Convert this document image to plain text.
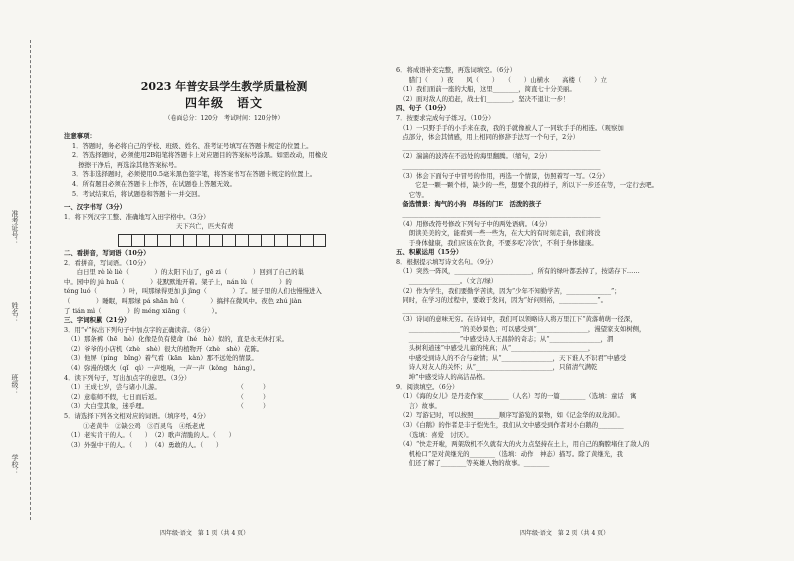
准考证号：
姓名：
班级：
学校：
2023 年普安县学生教学质量检测
四年级　语文
（卷面总分：120分　考试时间：120分钟）
注意事项：
1．答题时，务必将自己的学校、班级、姓名、准考证号填写在答题卡规定的位置上。
2．答选择题时，必须使用2B铅笔将答题卡上对应题目的答案标号涂黑。如需改动，用橡皮
　擦擦干净后，再选涂其他答案标号。
3．答非选择题时，必须使用0.5毫米黑色签字笔，将答案书写在答题卡规定的位置上。
4．所有题目必须在答题卡上作答，在试题卷上答题无效。
5．考试结束后，将试题卷和答题卡一并交回。
一、汉字书写（3分）
1．将下列汉字工整、准确地写入田字格中。（3分）
天下兴亡，匹夫有责
二、看拼音，写词语（10分）
2．看拼音，写词语。（10分）
　　白日里 rè lè liè（　　　　）的太阳下山了，gē zi（　　　　）回到了自己的巢
中。园中的 jú huā（　　　　）花默默地开着。架子上，nán lù（　　　　）的
téng luó（　　　　）叶，叫那绿得更加 jì jìng（　　　　）了。屋子里的人们也慢慢进入
（　　　　）睡眠，叫那绿 pá shān hǔ（　　　　）搞拌在微风中。夜色 zhú jiàn
了 tián mì（　　　　）的 méng xiāng（　　　　）。
三、字词积累（21分）
3．用“√”标出下列句子中加点字的正确读音。（8分）
　（1）那条裤（hē　hè）化像是负有使命（hé　hè）似的，直是永无休打采。
　（2）爷爷的小店机（zhè　shè）很大的植物开（zhè　shè）花陈。
　（3）他屏（píng　bǐng）着气看（kān　kàn）那不远处的情景。
　（4）弥漫的烟火（qǐ　qì）一声炮响，一声一声（kǒng　háng）。
4．读下列句子，写出加点字的意思。（3分）
　（1）王成七岁，尝与诸小儿游。　　　　　　　　　　　　　（　　　）
　（2）意临师不假，七日而后返。　　　　　　　　　　　　　（　　　）
　（3）大白莹其象，迷乎理。　　　　　　　　　　　　　　　（　　　）
5．请选择下列各文相对应的词语。（填序号，4分）
　　　①老黄牛　②缺公鸡　③百灵鸟　④纸老虎
　（1）老实肯干的人。（　　）　（2）歌声清脆的人。（　　）
　（3）外强中干的人。（　　）　（4）勇敢的人。（　　）
6．将成语补充完整，再选词填空。（6分）
　　腊门（　　）夜　　风（　　）　　（　　）山横水　　高楼（　　）立
　（1）我们面前一座的大船，这里________，简直七十分美丽。
　（2）面对敌人的追赶，战士们________，坚决不退让一步！
四、句子（10分）
7．按要求完成句子练习。（10分）
　（1）一只野手手的小手来在我，我的手就像被人了一同软手手的相连。（观察加
　点部分，体会其情感，用上相同的修辞手法写一个句子，2分）
　______________________________________________________________
　（2）湍湍的波涛在不远处的海里翻腾。（缩句，2分）
　______________________________________________________________
　（3）体会下面句子中冒号的作用，再选一个情景，仿照着写一写。（2分）
　　　它是一颗一颗个样，缺少的一些，想要个我的样子，所以下一步还在等，一定行去吧。
　　它等。
　备选情景：淘气的小狗　昂扬的门E　活泼的孩子
　______________________________________________________________
　（4）用修改符号修改下列句子中的两处语病。（4分）
　　朗读美美的文，能看到一些一些为，在大大的有时刻走前，我们将没
　　于身体健康，我们应该在饮食，不要多吃'冷饮'，不利于身体健康。
五、积累运用（15分）
8．根据提示填写诗文名句。（9分）
　（1）突然一阵风，________________________，所有的绿叶都丢掉了，按诺存下……
　　________________。（文言/绿）
　（2）作为学生，我们要勤学苦读，因为“少年不知勤学苦，______________”；
　同时，在学习的过程中，要敢于发问，因为“好问则裕，____________”。
　______________________________________________________________
　（3）诗词的意味无穷。在诗词中，我们可以领略诗人将万里江下“黄落萌萌一径深，
　　________________”的美妙景色；可以感受到“________________，漫望家支如树侧，
　　________________”中感受诗人王昌龄的奇志；从“________________，渭
　　头树利道迷”中感受儿童的纯真；从“________________________，
　　中感受到诗人的不合与豪情；从“________________，天下谁人不识君”中感受
　　诗人对友人的关怀；从“________________________，只留清气满乾
　　坤”中感受诗人的高洁品格。
9．阅读填空。（6分）
　（1）《海的女儿》是丹麦作家________（人名）写的一篇________（选填：童话　寓
　　言）故事。
　（2）写游记时，可以按照________顺序写游览的景物，如《记金华的双龙洞》。
　（3）《白鹅》的作者是丰子恺先生，我们从文中感受到作者对小白鹅的________
　　（选填：喜爱　讨厌）。
　（4）“快走开啦，两架敌机不久就有大的火力点坚持在土上，用自己的胸膛堵住了敌人的
　　机枪口”是对黄继光的________（选填：动作　神态）描写。除了黄继光，我
　　们还了解了________等英雄人物的故事。________
四年级·语文　第 1 页（共 4 页）	四年级·语文　第 2 页（共 4 页）
